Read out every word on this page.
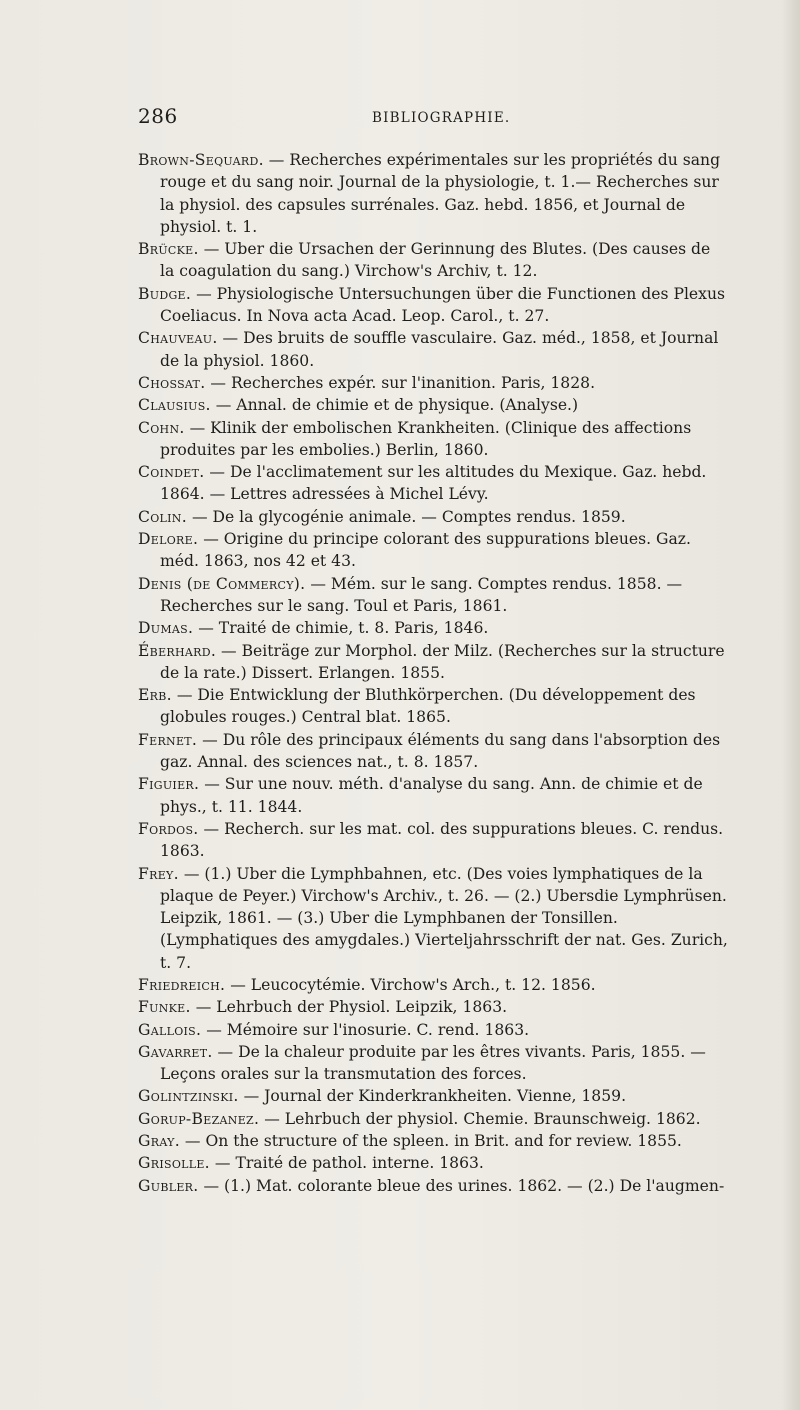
286	BIBLIOGRAPHIE.

Brown-Sequard. — Recherches expérimentales sur les propriétés du sang rouge et du sang noir. Journal de la physiologie, t. 1.— Recherches sur la physiol. des capsules surrénales. Gaz. hebd. 1856, et Journal de physiol. t. 1.

Brücke. — Uber die Ursachen der Gerinnung des Blutes. (Des causes de la coagulation du sang.) Virchow's Archiv, t. 12.

Budge. — Physiologische Untersuchungen über die Functionen des Plexus Coeliacus. In Nova acta Acad. Leop. Carol., t. 27.

Chauveau. — Des bruits de souffle vasculaire. Gaz. méd., 1858, et Journal de la physiol. 1860.

Chossat. — Recherches expér. sur l'inanition. Paris, 1828.

Clausius. — Annal. de chimie et de physique. (Analyse.)

Cohn. — Klinik der embolischen Krankheiten. (Clinique des affections produites par les embolies.) Berlin, 1860.

Coindet. — De l'acclimatement sur les altitudes du Mexique. Gaz. hebd. 1864. — Lettres adressées à Michel Lévy.

Colin. — De la glycogénie animale. — Comptes rendus. 1859.

Delore. — Origine du principe colorant des suppurations bleues. Gaz. méd. 1863, nos 42 et 43.

Denis (de Commercy). — Mém. sur le sang. Comptes rendus. 1858. — Recherches sur le sang. Toul et Paris, 1861.

Dumas. — Traité de chimie, t. 8. Paris, 1846.

Éberhard. — Beiträge zur Morphol. der Milz. (Recherches sur la structure de la rate.) Dissert. Erlangen. 1855.

Erb. — Die Entwicklung der Bluthkörperchen. (Du développement des globules rouges.) Central blat. 1865.

Fernet. — Du rôle des principaux éléments du sang dans l'absorption des gaz. Annal. des sciences nat., t. 8. 1857.

Figuier. — Sur une nouv. méth. d'analyse du sang. Ann. de chimie et de phys., t. 11. 1844.

Fordos. — Recherch. sur les mat. col. des suppurations bleues. C. rendus. 1863.

Frey. — (1.) Uber die Lymphbahnen, etc. (Des voies lymphatiques de la plaque de Peyer.) Virchow's Archiv., t. 26. — (2.) Ubersdie Lymphrüsen. Leipzik, 1861. — (3.) Uber die Lymphbanen der Tonsillen. (Lymphatiques des amygdales.) Vierteljahrsschrift der nat. Ges. Zurich, t. 7.

Friedreich. — Leucocytémie. Virchow's Arch., t. 12. 1856.

Funke. — Lehrbuch der Physiol. Leipzik, 1863.

Gallois. — Mémoire sur l'inosurie. C. rend. 1863.

Gavarret. — De la chaleur produite par les êtres vivants. Paris, 1855. — Leçons orales sur la transmutation des forces.

Golintzinski. — Journal der Kinderkrankheiten. Vienne, 1859.

Gorup-Bezanez. — Lehrbuch der physiol. Chemie. Braunschweig. 1862.

Gray. — On the structure of the spleen. in Brit. and for review. 1855.

Grisolle. — Traité de pathol. interne. 1863.

Gubler. — (1.) Mat. colorante bleue des urines. 1862. — (2.) De l'augmen-
